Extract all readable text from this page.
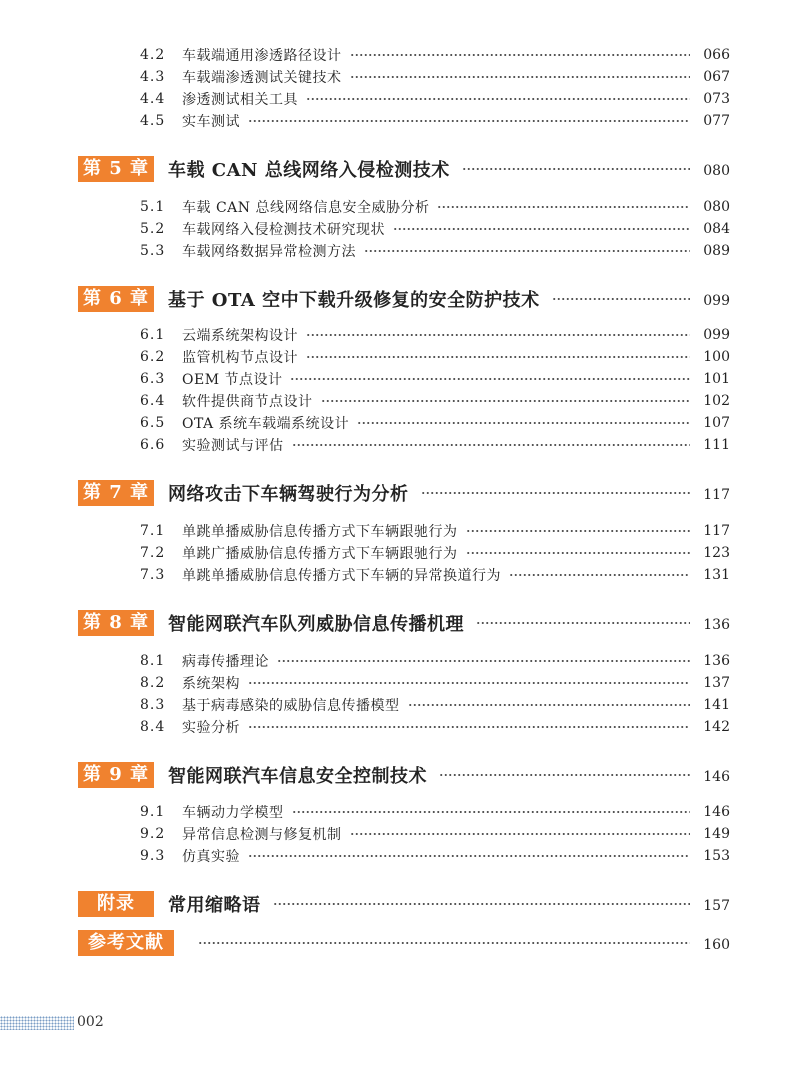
4.2	车载端通用渗透路径设计	066
4.3	车载端渗透测试关键技术	067
4.4	渗透测试相关工具	073
4.5	实车测试	077
第 5 章 车载 CAN 总线网络入侵检测技术	080
5.1	车载 CAN 总线网络信息安全威胁分析	080
5.2	车载网络入侵检测技术研究现状	084
5.3	车载网络数据异常检测方法	089
第 6 章 基于 OTA 空中下载升级修复的安全防护技术	099
6.1	云端系统架构设计	099
6.2	监管机构节点设计	100
6.3	OEM 节点设计	101
6.4	软件提供商节点设计	102
6.5	OTA 系统车载端系统设计	107
6.6	实验测试与评估	111
第 7 章 网络攻击下车辆驾驶行为分析	117
7.1	单跳单播威胁信息传播方式下车辆跟驰行为	117
7.2	单跳广播威胁信息传播方式下车辆跟驰行为	123
7.3	单跳单播威胁信息传播方式下车辆的异常换道行为	131
第 8 章 智能网联汽车队列威胁信息传播机理	136
8.1	病毒传播理论	136
8.2	系统架构	137
8.3	基于病毒感染的威胁信息传播模型	141
8.4	实验分析	142
第 9 章 智能网联汽车信息安全控制技术	146
9.1	车辆动力学模型	146
9.2	异常信息检测与修复机制	149
9.3	仿真实验	153
附录	常用缩略语	157
参考文献	160
002
